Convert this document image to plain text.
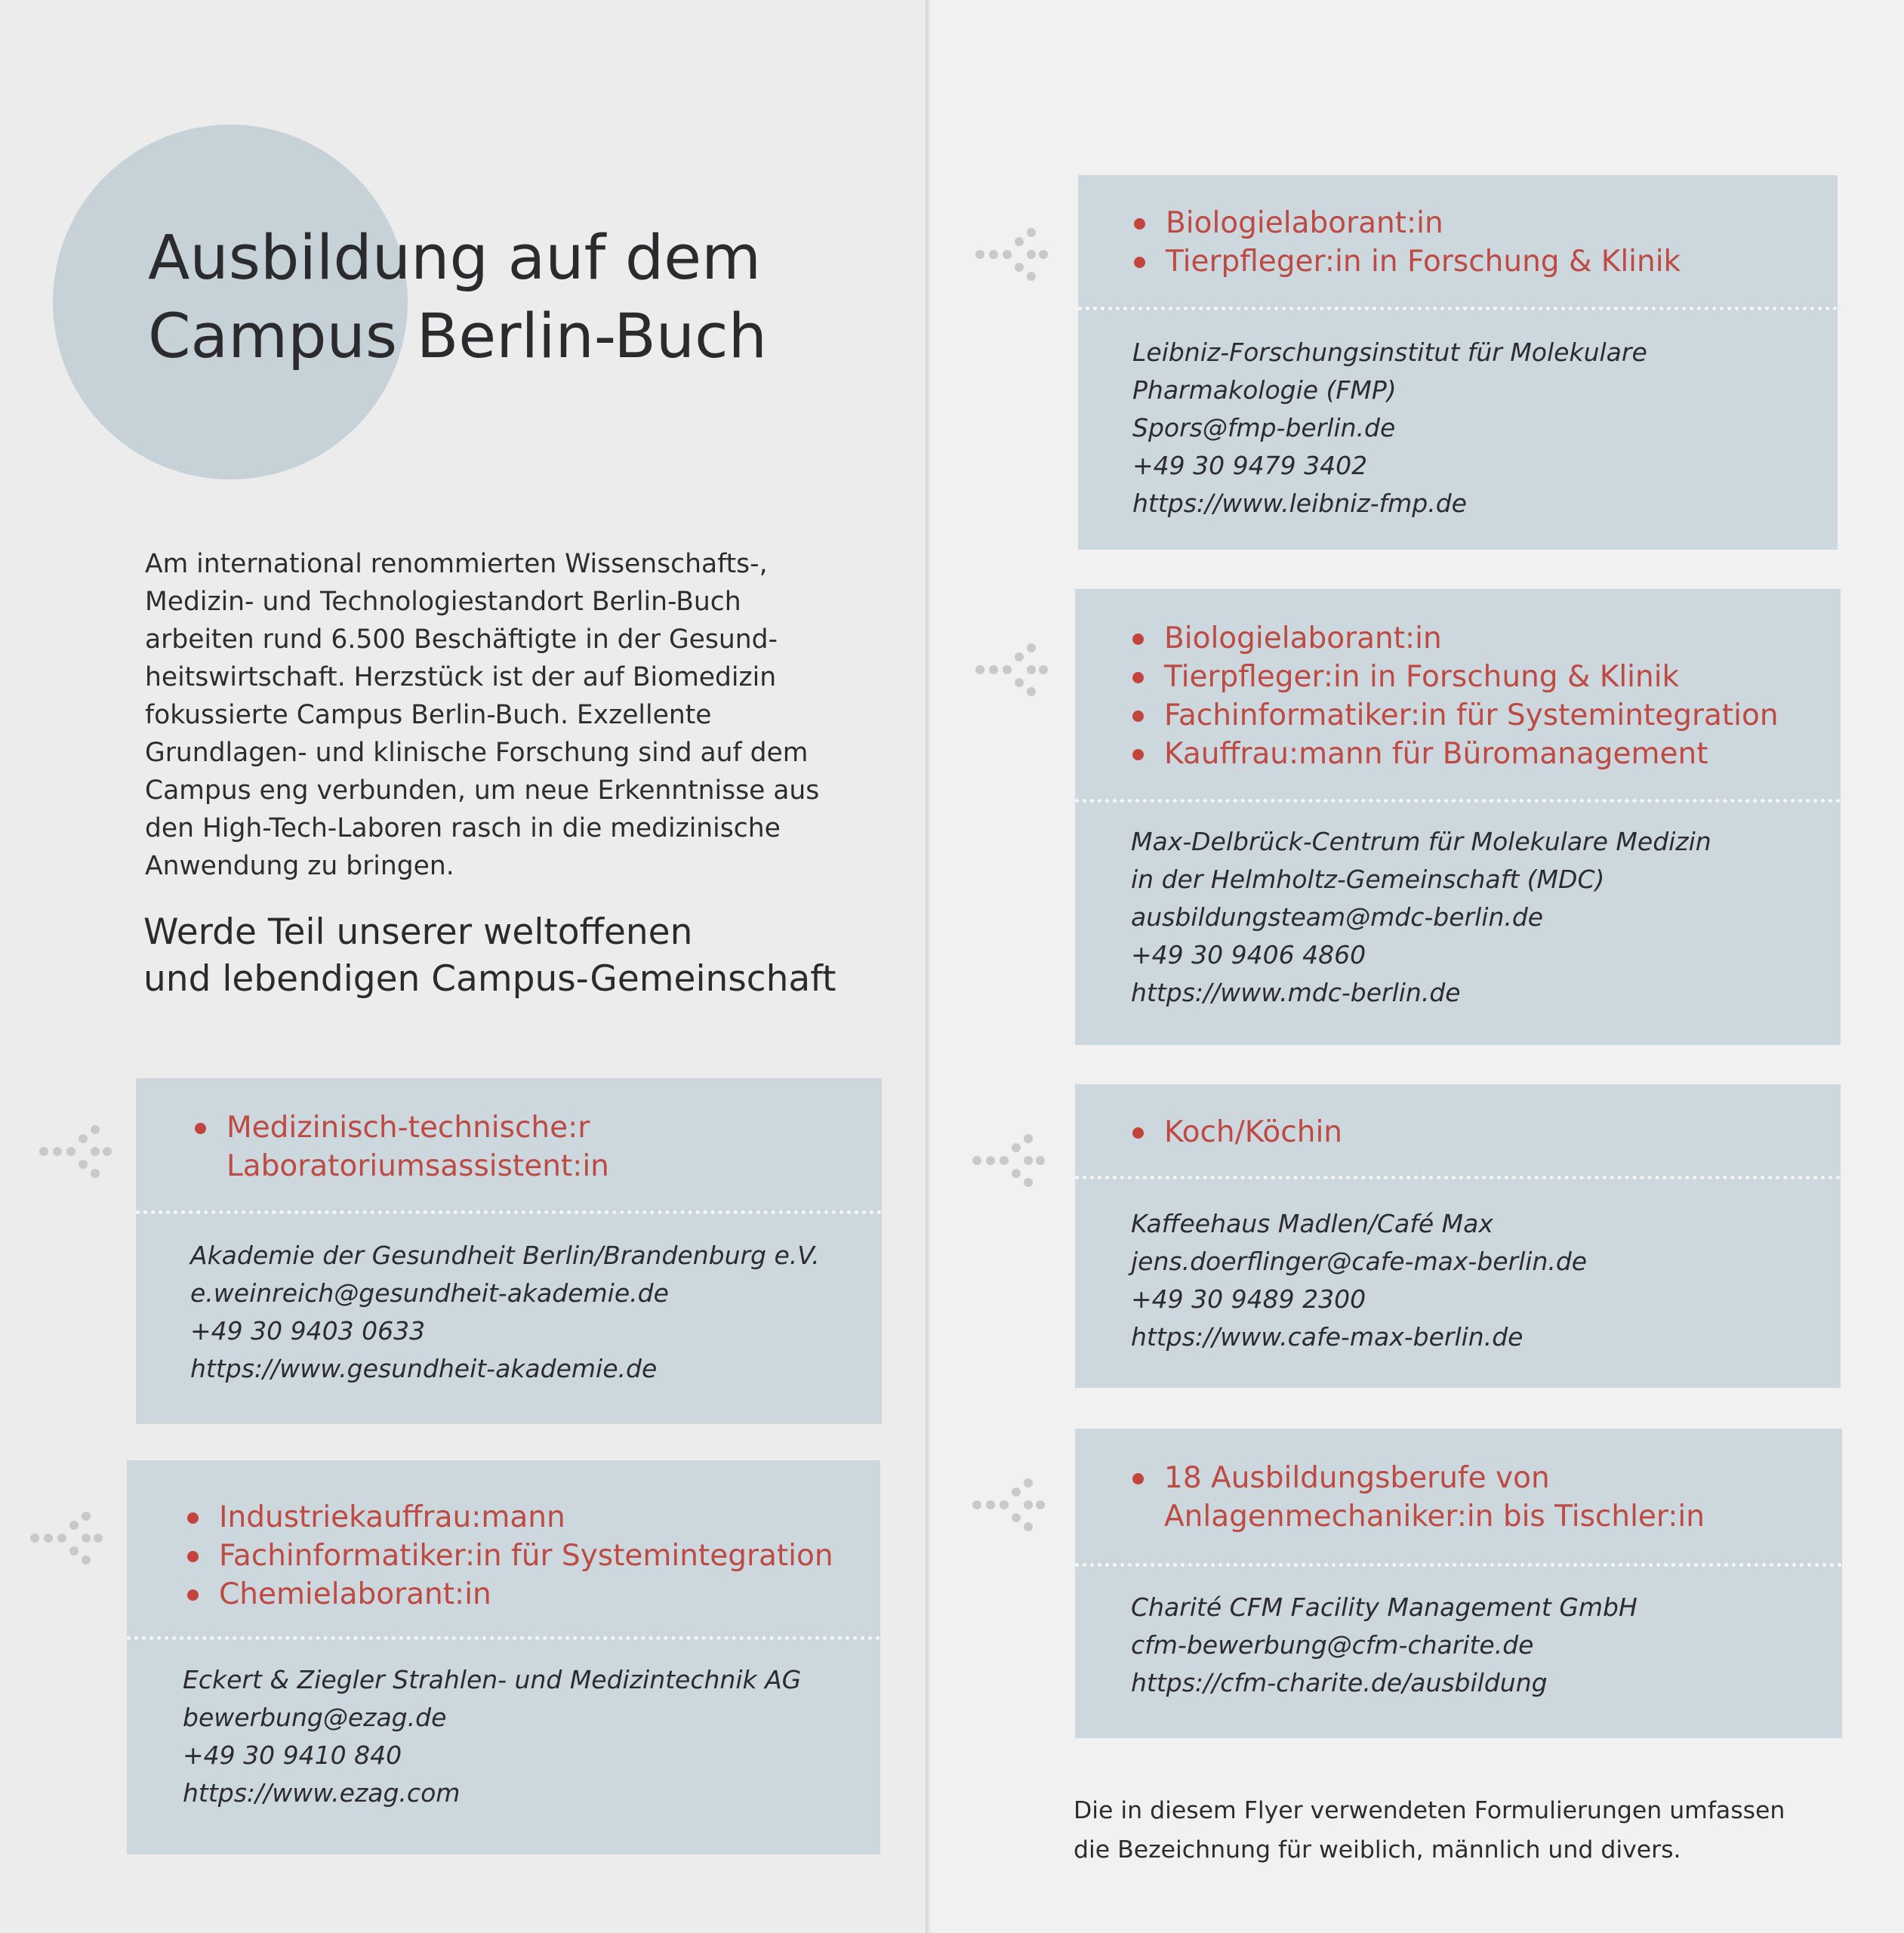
Ausbildung auf dem
Campus Berlin-Buch

Am international renommierten Wissenschafts-,
Medizin- und Technologiestandort Berlin-Buch
arbeiten rund 6.500 Beschäftigte in der Gesund-
heitswirtschaft. Herzstück ist der auf Biomedizin
fokussierte Campus Berlin-Buch. Exzellente
Grundlagen- und klinische Forschung sind auf dem
Campus eng verbunden, um neue Erkenntnisse aus
den High-Tech-Laboren rasch in die medizinische
Anwendung zu bringen.

Werde Teil unserer weltoffenen
und lebendigen Campus-Gemeinschaft
Medizinisch-technische:r
Laboratoriumsassistent:in

Akademie der Gesundheit Berlin/Brandenburg e.V.
e.weinreich@gesundheit-akademie.de
+49 30 9403 0633
https://www.gesundheit-akademie.de

Industriekauffrau:mann
Fachinformatiker:in für Systemintegration
Chemielaborant:in

Eckert & Ziegler Strahlen- und Medizintechnik AG
bewerbung@ezag.de
+49 30 9410 840
https://www.ezag.com

Biologielaborant:in
Tierpfleger:in in Forschung & Klinik

Leibniz-Forschungsinstitut für Molekulare
Pharmakologie (FMP)
Spors@fmp-berlin.de
+49 30 9479 3402
https://www.leibniz-fmp.de

Biologielaborant:in
Tierpfleger:in in Forschung & Klinik
Fachinformatiker:in für Systemintegration
Kauffrau:mann für Büromanagement

Max-Delbrück-Centrum für Molekulare Medizin
in der Helmholtz-Gemeinschaft (MDC)
ausbildungsteam@mdc-berlin.de
+49 30 9406 4860
https://www.mdc-berlin.de

Koch/Köchin

Kaffeehaus Madlen/Café Max
jens.doerflinger@cafe-max-berlin.de
+49 30 9489 2300
https://www.cafe-max-berlin.de

18 Ausbildungsberufe von
Anlagenmechaniker:in bis Tischler:in

Charité CFM Facility Management GmbH
cfm-bewerbung@cfm-charite.de
https://cfm-charite.de/ausbildung

Die in diesem Flyer verwendeten Formulierungen umfassen
die Bezeichnung für weiblich, männlich und divers.
